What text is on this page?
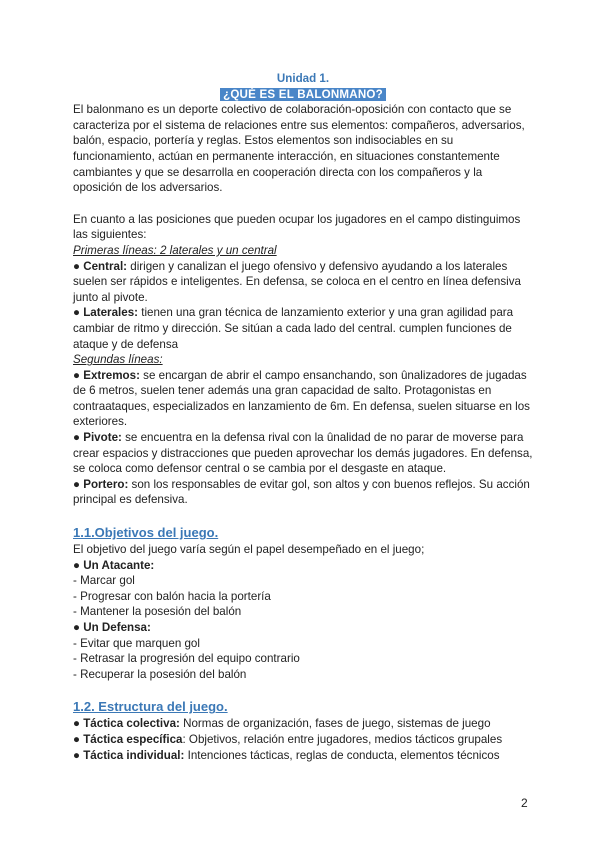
Unidad 1.

¿QUÉ ES EL BALONMANO?

El balonmano es un deporte colectivo de colaboración-oposición con contacto que se caracteriza por el sistema de relaciones entre sus elementos: compañeros, adversarios, balón, espacio, portería y reglas. Estos elementos son indisociables en su funcionamiento, actúan en permanente interacción, en situaciones constantemente cambiantes y que se desarrolla en cooperación directa con los compañeros y la oposición de los adversarios.

En cuanto a las posiciones que pueden ocupar los jugadores en el campo distinguimos las siguientes:

Primeras líneas: 2 laterales y un central

● Central: dirigen y canalizan el juego ofensivo y defensivo ayudando a los laterales suelen ser rápidos e inteligentes. En defensa, se coloca en el centro en línea defensiva junto al pivote.

● Laterales: tienen una gran técnica de lanzamiento exterior y una gran agilidad para cambiar de ritmo y dirección. Se sitúan a cada lado del central. cumplen funciones de ataque y de defensa

Segundas líneas:

● Extremos: se encargan de abrir el campo ensanchando, son ûnalizadores de jugadas de 6 metros, suelen tener además una gran capacidad de salto. Protagonistas en contraataques, especializados en lanzamiento de 6m. En defensa, suelen situarse en los exteriores.

● Pivote: se encuentra en la defensa rival con la ûnalidad de no parar de moverse para crear espacios y distracciones que pueden aprovechar los demás jugadores. En defensa, se coloca como defensor central o se cambia por el desgaste en ataque.

● Portero: son los responsables de evitar gol, son altos y con buenos reflejos. Su acción principal es defensiva.

1.1.Objetivos del juego.

El objetivo del juego varía según el papel desempeñado en el juego;

● Un Atacante:

- Marcar gol

- Progresar con balón hacia la portería

- Mantener la posesión del balón

● Un Defensa:

- Evitar que marquen gol

- Retrasar la progresión del equipo contrario

- Recuperar la posesión del balón

1.2. Estructura del juego.

● Táctica colectiva: Normas de organización, fases de juego, sistemas de juego

● Táctica específica: Objetivos, relación entre jugadores, medios tácticos grupales

● Táctica individual: Intenciones tácticas, reglas de conducta, elementos técnicos

2
